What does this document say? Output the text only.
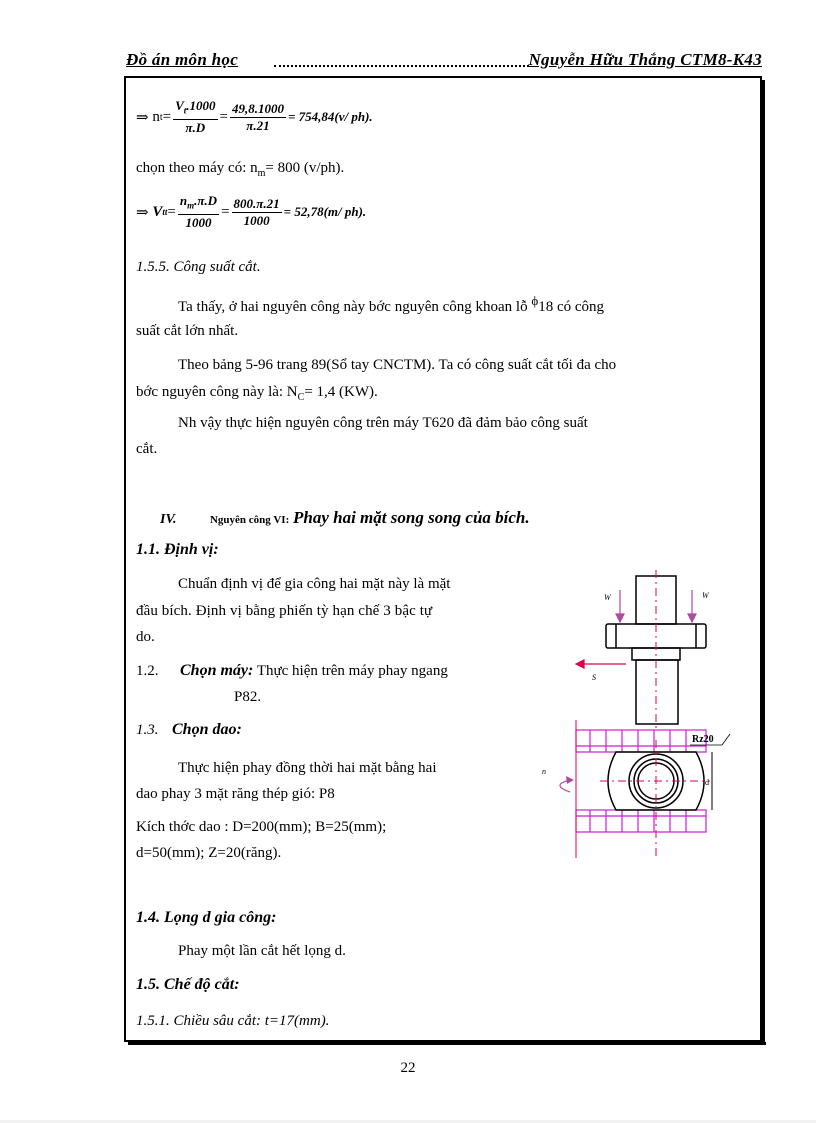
Đồ án môn học	Nguyễn Hữu Thắng CTM8-K43
⇒
n $t = \frac{V_t.1000}{\pi.D} = \frac{49,8.1000}{\pi.21} = 754,84(v/$ ph).
chọn theo máy có: $n_m= 800$ (v/ph).
⇒
V tt = $\frac{n_m.\pi.D}{1000} = \frac{800.\pi.21}{1000} = 52,78(m/$ ph).
1.5.5. Công suất cắt.
Ta thấy, ở hai nguyên công này bớc nguyên công khoan lỗ $^\phi$18 có công
suất cắt lớn nhất.
Theo bảng 5-96 trang 89(Sổ tay CNCTM). Ta có công suất cắt tối đa cho
bớc nguyên công này là: $N_C= 1,4$ (KW).
Nh vậy thực hiện nguyên công trên máy T620 đã đảm bảo công suất
cắt.
IV.	Nguyên công VI: Phay hai mặt song song của bích.
1.1. Định vị:
Chuẩn định vị để gia công hai mặt này là mặt
đầu bích. Định vị bằng phiến tỳ hạn chế 3 bậc tự
do.
1.2. Chọn máy: Thực hiện trên máy phay ngang
P82.
1.3. Chọn dao:
Thực hiện phay đồng thời hai mặt bằng hai
dao phay 3 mặt răng thép gió: P8
Kích thớc dao : D=200(mm); B=25(mm);
d=50(mm); Z=20(răng).
1.4. Lọng d gia công:
Phay một lần cắt hết lọng d.
1.5. Chế độ cắt:
1.5.1. Chiều sâu cắt: t=17(mm).
W	W
S
d
Rz20
n
22
